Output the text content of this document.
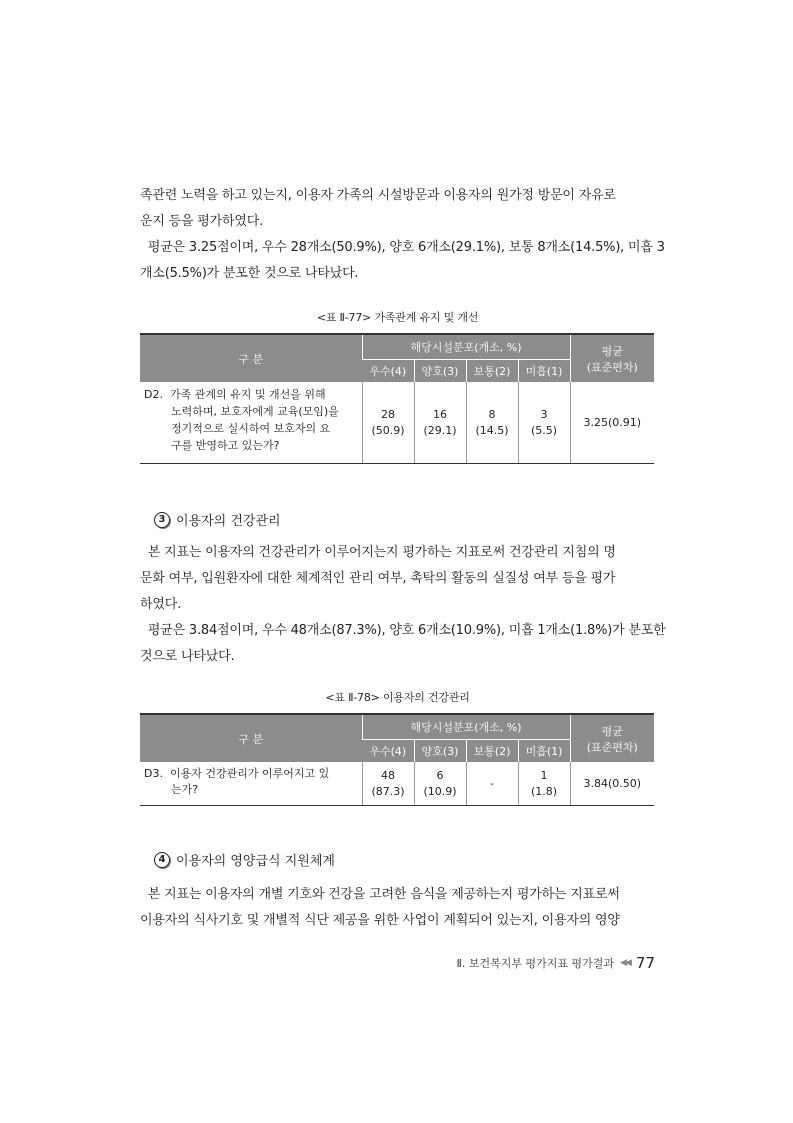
족관련 노력을 하고 있는지, 이용자 가족의 시설방문과 이용자의 원가정 방문이 자유로
운지 등을 평가하였다.
평균은 3.25점이며, 우수 28개소(50.9%), 양호 6개소(29.1%), 보통 8개소(14.5%), 미흡 3
개소(5.5%)가 분포한 것으로 나타났다.
<표 Ⅱ-77> 가족관계 유지 및 개선
구 분	해당시설분포(개소, %)				평균
(표준편차)
	우수(4)	양호(3)	보통(2)	미흡(1)	

D2. 가족 관계의 유지 및 개선을 위해
노력하며, 보호자에게 교육(모임)을
정기적으로 실시하여 보호자의 요
구를 반영하고 있는가?	28
(50.9)	16
(29.1)	8
(14.5)	3
(5.5)	3.25(0.91)
3 이용자의 건강관리
본 지표는 이용자의 건강관리가 이루어지는지 평가하는 지표로써 건강관리 지침의 명
문화 여부, 입원환자에 대한 체계적인 관리 여부, 촉탁의 활동의 실질성 여부 등을 평가
하였다.
평균은 3.84점이며, 우수 48개소(87.3%), 양호 6개소(10.9%), 미흡 1개소(1.8%)가 분포한
것으로 나타났다.
<표 Ⅱ-78> 이용자의 건강관리
구 분	해당시설분포(개소, %)				평균
(표준편차)
	우수(4)	양호(3)	보통(2)	미흡(1)	

D3. 이용자 건강관리가 이루어지고 있
는가?	48
(87.3)	6
(10.9)	-	1
(1.8)	3.84(0.50)
4 이용자의 영양급식 지원체계
본 지표는 이용자의 개별 기호와 건강을 고려한 음식을 제공하는지 평가하는 지표로써
이용자의 식사기호 및 개별적 식단 제공을 위한 사업이 계획되어 있는지, 이용자의 영양
Ⅱ. 보건복지부 평가지표 평가결과 ◀◀ 77
